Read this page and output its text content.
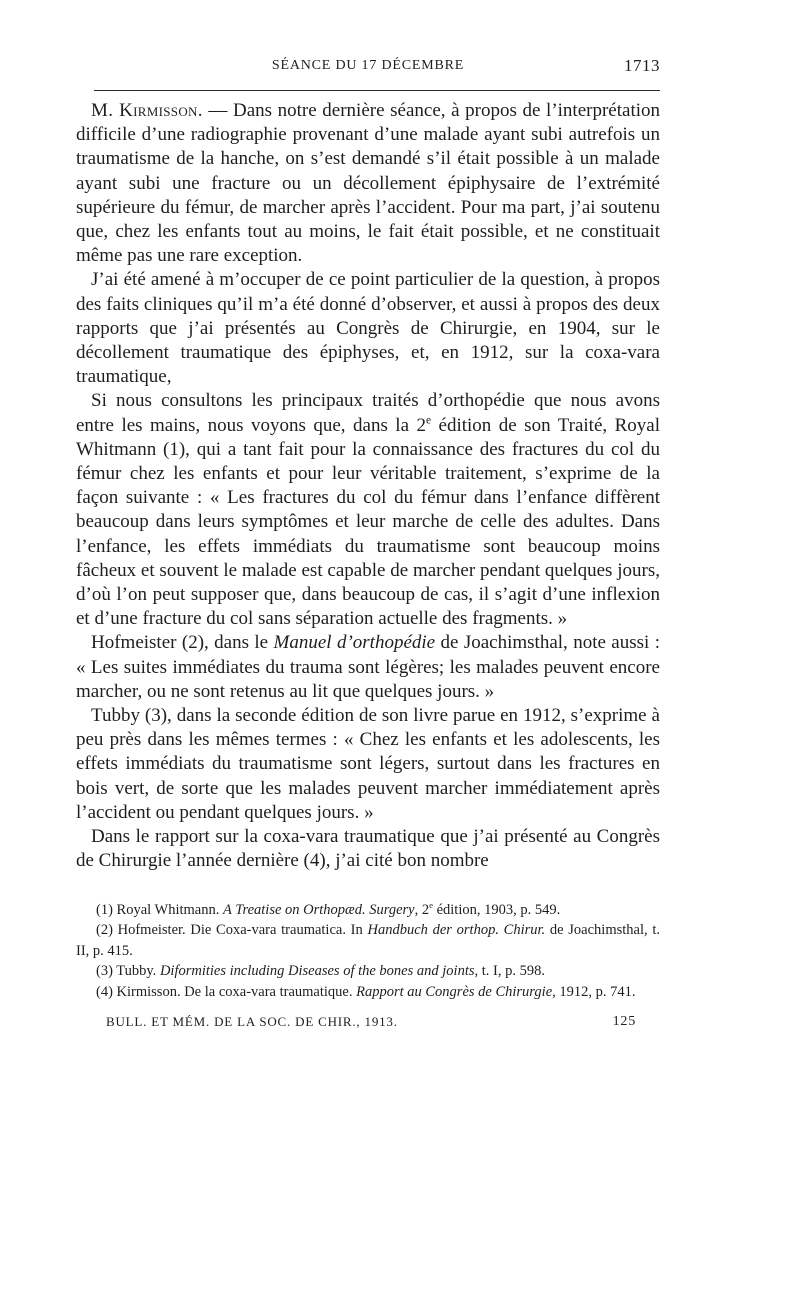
SÉANCE DU 17 DÉCEMBRE	1713

M. Kirmisson. — Dans notre dernière séance, à propos de l’interprétation difficile d’une radiographie provenant d’une malade ayant subi autrefois un traumatisme de la hanche, on s’est demandé s’il était possible à un malade ayant subi une fracture ou un décollement épiphysaire de l’extrémité supérieure du fémur, de marcher après l’accident. Pour ma part, j’ai soutenu que, chez les enfants tout au moins, le fait était possible, et ne constituait même pas une rare exception.

J’ai été amené à m’occuper de ce point particulier de la question, à propos des faits cliniques qu’il m’a été donné d’observer, et aussi à propos des deux rapports que j’ai présentés au Congrès de Chirurgie, en 1904, sur le décollement traumatique des épiphyses, et, en 1912, sur la coxa-vara traumatique,

Si nous consultons les principaux traités d’orthopédie que nous avons entre les mains, nous voyons que, dans la 2e édition de son Traité, Royal Whitmann (1), qui a tant fait pour la connaissance des fractures du col du fémur chez les enfants et pour leur véritable traitement, s’exprime de la façon suivante : « Les fractures du col du fémur dans l’enfance diffèrent beaucoup dans leurs symptômes et leur marche de celle des adultes. Dans l’enfance, les effets immédiats du traumatisme sont beaucoup moins fâcheux et souvent le malade est capable de marcher pendant quelques jours, d’où l’on peut supposer que, dans beaucoup de cas, il s’agit d’une inflexion et d’une fracture du col sans séparation actuelle des fragments. »

Hofmeister (2), dans le Manuel d’orthopédie de Joachimsthal, note aussi : « Les suites immédiates du trauma sont légères; les malades peuvent encore marcher, ou ne sont retenus au lit que quelques jours. »

Tubby (3), dans la seconde édition de son livre parue en 1912, s’exprime à peu près dans les mêmes termes : « Chez les enfants et les adolescents, les effets immédiats du traumatisme sont légers, surtout dans les fractures en bois vert, de sorte que les malades peuvent marcher immédiatement après l’accident ou pendant quelques jours. »

Dans le rapport sur la coxa-vara traumatique que j’ai présenté au Congrès de Chirurgie l’année dernière (4), j’ai cité bon nombre

(1) Royal Whitmann. A Treatise on Orthopæd. Surgery, 2e édition, 1903, p. 549.

(2) Hofmeister. Die Coxa-vara traumatica. In Handbuch der orthop. Chirur. de Joachimsthal, t. II, p. 415.

(3) Tubby. Diformities including Diseases of the bones and joints, t. I, p. 598.

(4) Kirmisson. De la coxa-vara traumatique. Rapport au Congrès de Chirurgie, 1912, p. 741.

BULL. ET MÉM. DE LA SOC. DE CHIR., 1913.	125
